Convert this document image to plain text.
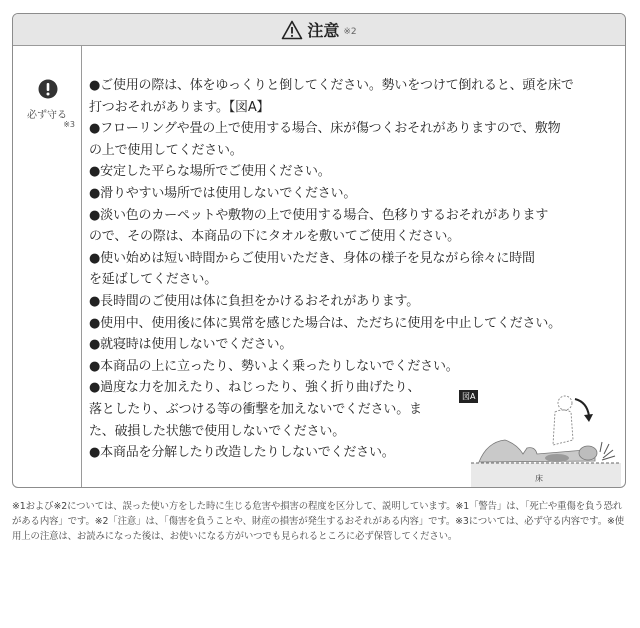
注意 ※2
必ず守る
※3

●ご使用の際は、体をゆっくりと倒してください。勢いをつけて倒れると、頭を床で

打つおそれがあります。【図A】

●フローリングや畳の上で使用する場合、床が傷つくおそれがありますので、敷物

の上で使用してください。

●安定した平らな場所でご使用ください。

●滑りやすい場所では使用しないでください。

●淡い色のカーペットや敷物の上で使用する場合、色移りするおそれがあります

ので、その際は、本商品の下にタオルを敷いてご使用ください。

●使い始めは短い時間からご使用いただき、身体の様子を見ながら徐々に時間

を延ばしてください。

●長時間のご使用は体に負担をかけるおそれがあります。

●使用中、使用後に体に異常を感じた場合は、ただちに使用を中止してください。

●就寝時は使用しないでください。

●本商品の上に立ったり、勢いよく乗ったりしないでください。

●過度な力を加えたり、ねじったり、強く折り曲げたり、

落としたり、ぶつける等の衝撃を加えないでください。ま

た、破損した状態で使用しないでください。

●本商品を分解したり改造したりしないでください。

図A
床
※1および※2については、誤った使い方をした時に生じる危害や損害の程度を区分して、説明しています。※1「警告」は、「死亡や重傷を負う恐れがある内容」です。※2「注意」は、「傷害を負うことや、財産の損害が発生するおそれがある内容」です。※3については、必ず守る内容です。※使用上の注意は、お読みになった後は、お使いになる方がいつでも見られるところに必ず保管してください。
